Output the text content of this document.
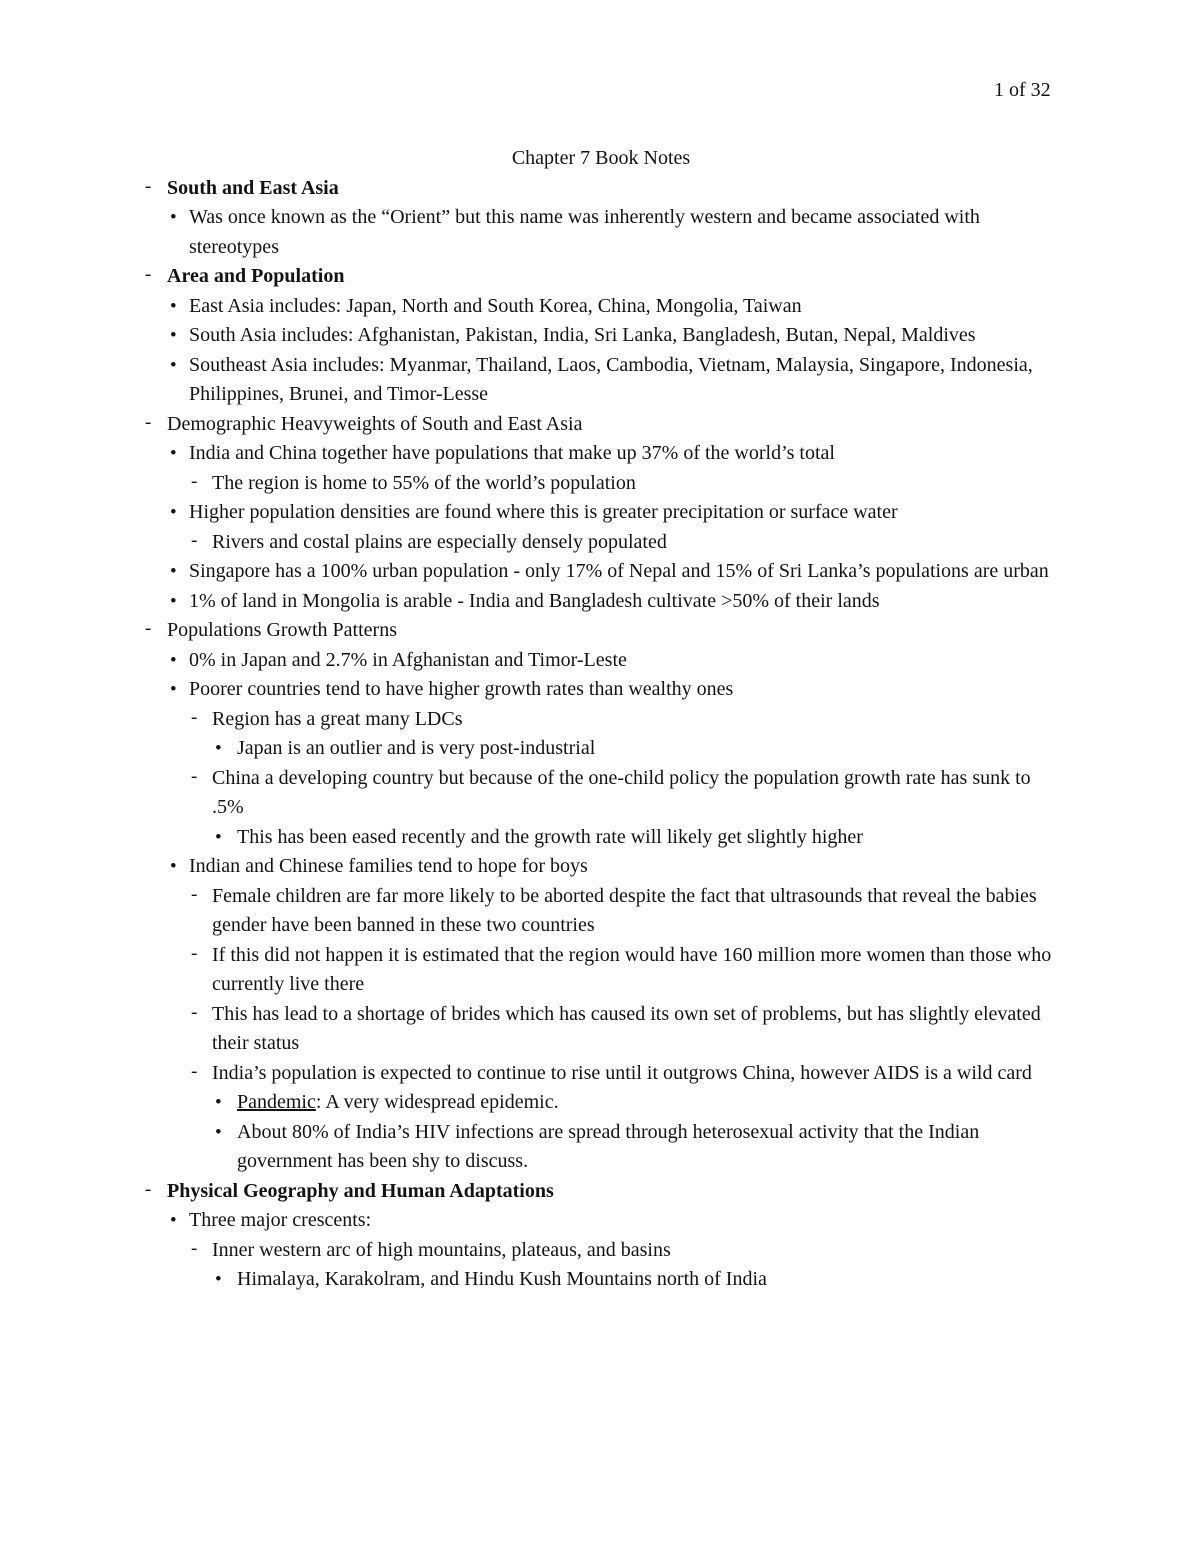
1 of 32
Chapter 7 Book Notes
- South and East Asia
• Was once known as the “Orient” but this name was inherently western and became associated with stereotypes
- Area and Population
• East Asia includes: Japan, North and South Korea, China, Mongolia, Taiwan
• South Asia includes: Afghanistan, Pakistan, India, Sri Lanka, Bangladesh, Butan, Nepal, Maldives
• Southeast Asia includes: Myanmar, Thailand, Laos, Cambodia, Vietnam, Malaysia, Singapore, Indonesia, Philippines, Brunei, and Timor-Lesse
- Demographic Heavyweights of South and East Asia
• India and China together have populations that make up 37% of the world’s total
- The region is home to 55% of the world’s population
• Higher population densities are found where this is greater precipitation or surface water
- Rivers and costal plains are especially densely populated
• Singapore has a 100% urban population - only 17% of Nepal and 15% of Sri Lanka’s populations are urban
• 1% of land in Mongolia is arable - India and Bangladesh cultivate >50% of their lands
- Populations Growth Patterns
• 0% in Japan and 2.7% in Afghanistan and Timor-Leste
• Poorer countries tend to have higher growth rates than wealthy ones
- Region has a great many LDCs
• Japan is an outlier and is very post-industrial
- China a developing country but because of the one-child policy the population growth rate has sunk to .5%
• This has been eased recently and the growth rate will likely get slightly higher
• Indian and Chinese families tend to hope for boys
- Female children are far more likely to be aborted despite the fact that ultrasounds that reveal the babies gender have been banned in these two countries
- If this did not happen it is estimated that the region would have 160 million more women than those who currently live there
- This has lead to a shortage of brides which has caused its own set of problems, but has slightly elevated their status
- India’s population is expected to continue to rise until it outgrows China, however AIDS is a wild card
• Pandemic: A very widespread epidemic.
• About 80% of India’s HIV infections are spread through heterosexual activity that the Indian government has been shy to discuss.
- Physical Geography and Human Adaptations
• Three major crescents:
- Inner western arc of high mountains, plateaus, and basins
• Himalaya, Karakolram, and Hindu Kush Mountains north of India
